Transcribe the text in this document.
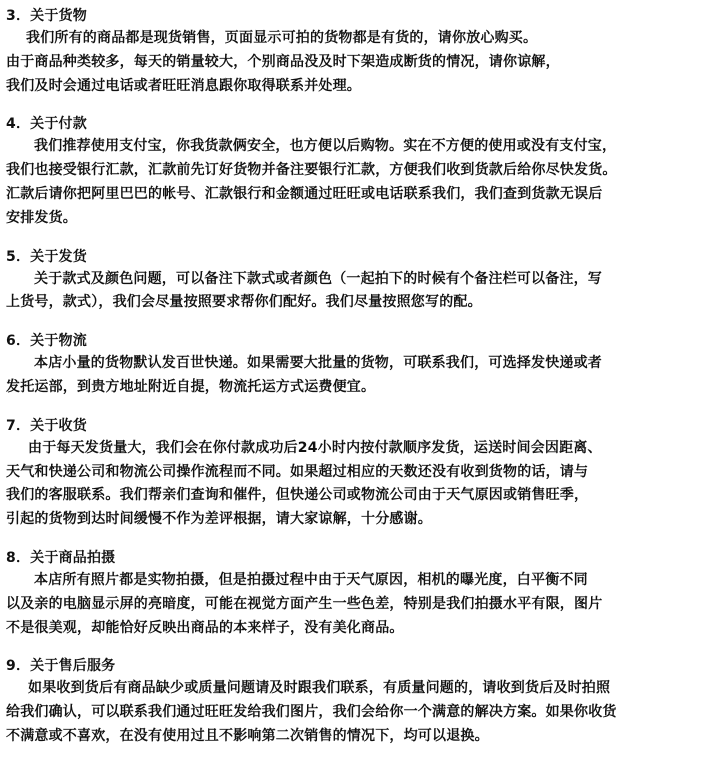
3．关于货物
我们所有的商品都是现货销售，页面显示可拍的货物都是有货的，请你放心购买。
由于商品种类较多，每天的销量较大，个别商品没及时下架造成断货的情况，请你谅解，
我们及时会通过电话或者旺旺消息跟你取得联系并处理。
4．关于付款
我们推荐使用支付宝，你我货款俩安全，也方便以后购物。实在不方便的使用或没有支付宝，
我们也接受银行汇款，汇款前先订好货物并备注要银行汇款，方便我们收到货款后给你尽快发货。
汇款后请你把阿里巴巴的帐号、汇款银行和金额通过旺旺或电话联系我们，我们查到货款无误后
安排发货。
5．关于发货
关于款式及颜色问题，可以备注下款式或者颜色（一起拍下的时候有个备注栏可以备注，写
上货号，款式），我们会尽量按照要求帮你们配好。我们尽量按照您写的配。
6．关于物流
本店小量的货物默认发百世快递。如果需要大批量的货物，可联系我们，可选择发快递或者
发托运部，到贵方地址附近自提，物流托运方式运费便宜。
7．关于收货
由于每天发货量大，我们会在你付款成功后24小时内按付款顺序发货，运送时间会因距离、
天气和快递公司和物流公司操作流程而不同。如果超过相应的天数还没有收到货物的话，请与
我们的客服联系。我们帮亲们查询和催件，但快递公司或物流公司由于天气原因或销售旺季，
引起的货物到达时间缓慢不作为差评根据，请大家谅解，十分感谢。
8．关于商品拍摄
本店所有照片都是实物拍摄，但是拍摄过程中由于天气原因，相机的曝光度，白平衡不同
以及亲的电脑显示屏的亮暗度，可能在视觉方面产生一些色差，特别是我们拍摄水平有限，图片
不是很美观，却能恰好反映出商品的本来样子，没有美化商品。
9．关于售后服务
如果收到货后有商品缺少或质量问题请及时跟我们联系，有质量问题的，请收到货后及时拍照
给我们确认，可以联系我们通过旺旺发给我们图片，我们会给你一个满意的解决方案。如果你收货
不满意或不喜欢，在没有使用过且不影响第二次销售的情况下，均可以退换。
